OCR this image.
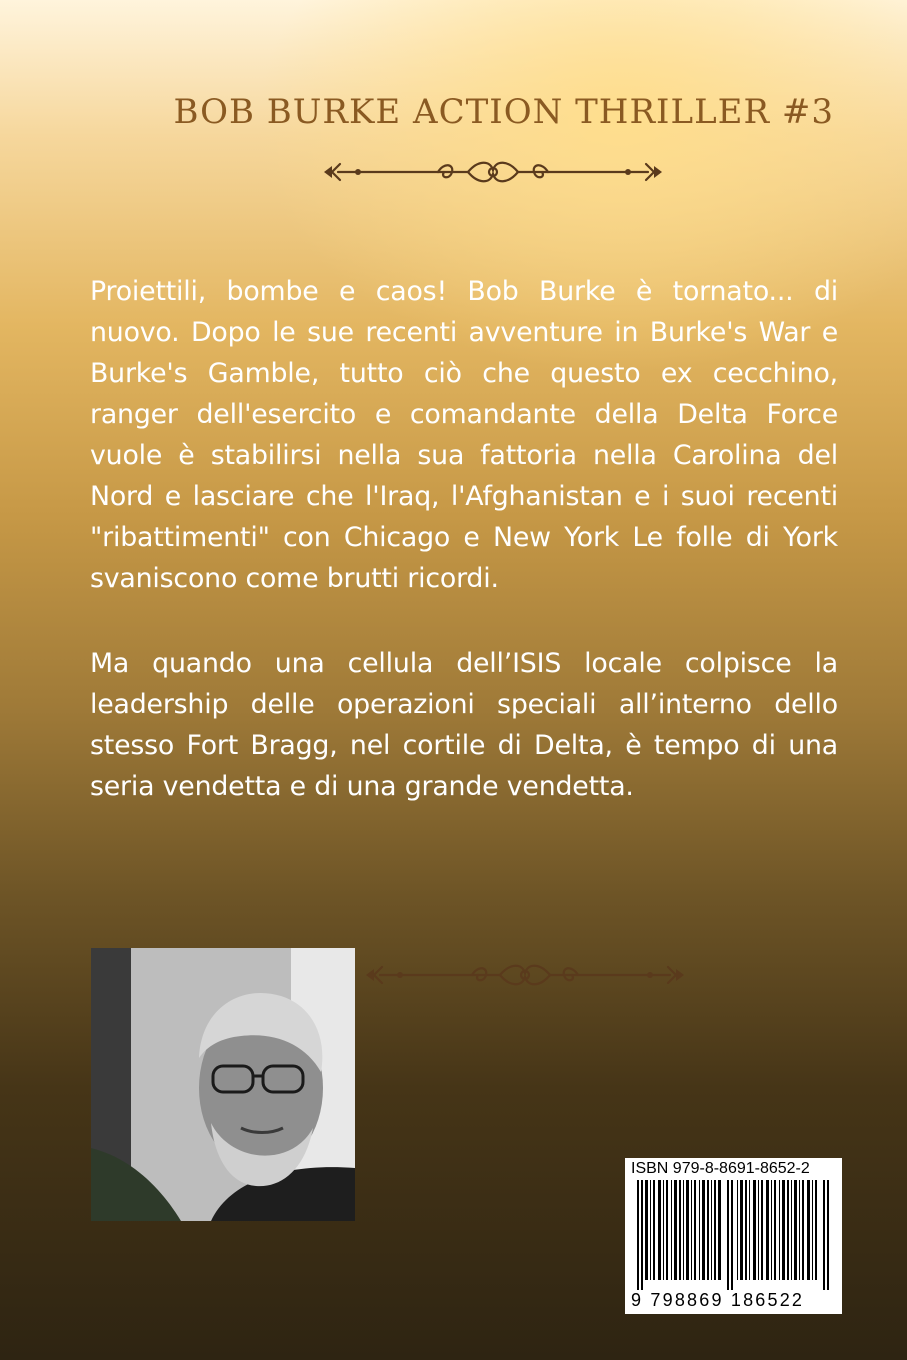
BOB BURKE ACTION THRILLER #3

Proiettili, bombe e caos! Bob Burke è tornato... di nuovo. Dopo le sue recenti avventure in Burke's War e Burke's Gamble, tutto ciò che questo ex cecchino, ranger dell'esercito e comandante della Delta Force vuole è stabilirsi nella sua fattoria nella Carolina del Nord e lasciare che l'Iraq, l'Afghanistan e i suoi recenti "ribattimenti" con Chicago e New York Le folle di York svaniscono come brutti ricordi.

Ma quando una cellula dell’ISIS locale colpisce la leadership delle operazioni speciali all’interno dello stesso Fort Bragg, nel cortile di Delta, è tempo di una seria vendetta e di una grande vendetta.

ISBN 979-8-8691-8652-2
9 798869 186522
